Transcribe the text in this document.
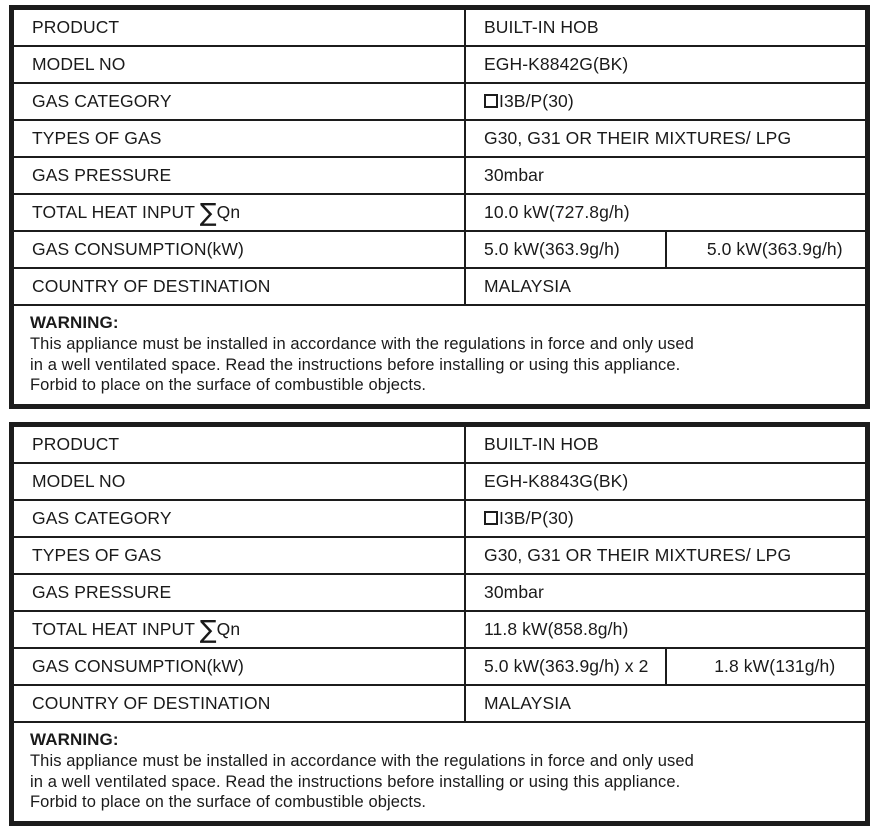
PRODUCT	BUILT-IN HOB	
MODEL NO	EGH-K8842G(BK)	
GAS CATEGORY	I3B/P(30)	
TYPES OF GAS	G30, G31 OR THEIR MIXTURES/ LPG	
GAS PRESSURE	30mbar	
TOTAL HEAT INPUT ∑Qn	10.0 kW(727.8g/h)	
GAS CONSUMPTION(kW)	5.0 kW(363.9g/h)	5.0 kW(363.9g/h)
COUNTRY OF DESTINATION	MALAYSIA	

WARNING:
This appliance must be installed in accordance with the regulations in force and only used
in a well ventilated space. Read the instructions before installing or using this appliance.
Forbid to place on the surface of combustible objects.		
PRODUCT	BUILT-IN HOB	
MODEL NO	EGH-K8843G(BK)	
GAS CATEGORY	I3B/P(30)	
TYPES OF GAS	G30, G31 OR THEIR MIXTURES/ LPG	
GAS PRESSURE	30mbar	
TOTAL HEAT INPUT ∑Qn	11.8 kW(858.8g/h)	
GAS CONSUMPTION(kW)	5.0 kW(363.9g/h) x 2	1.8 kW(131g/h)
COUNTRY OF DESTINATION	MALAYSIA	

WARNING:
This appliance must be installed in accordance with the regulations in force and only used
in a well ventilated space. Read the instructions before installing or using this appliance.
Forbid to place on the surface of combustible objects.		
